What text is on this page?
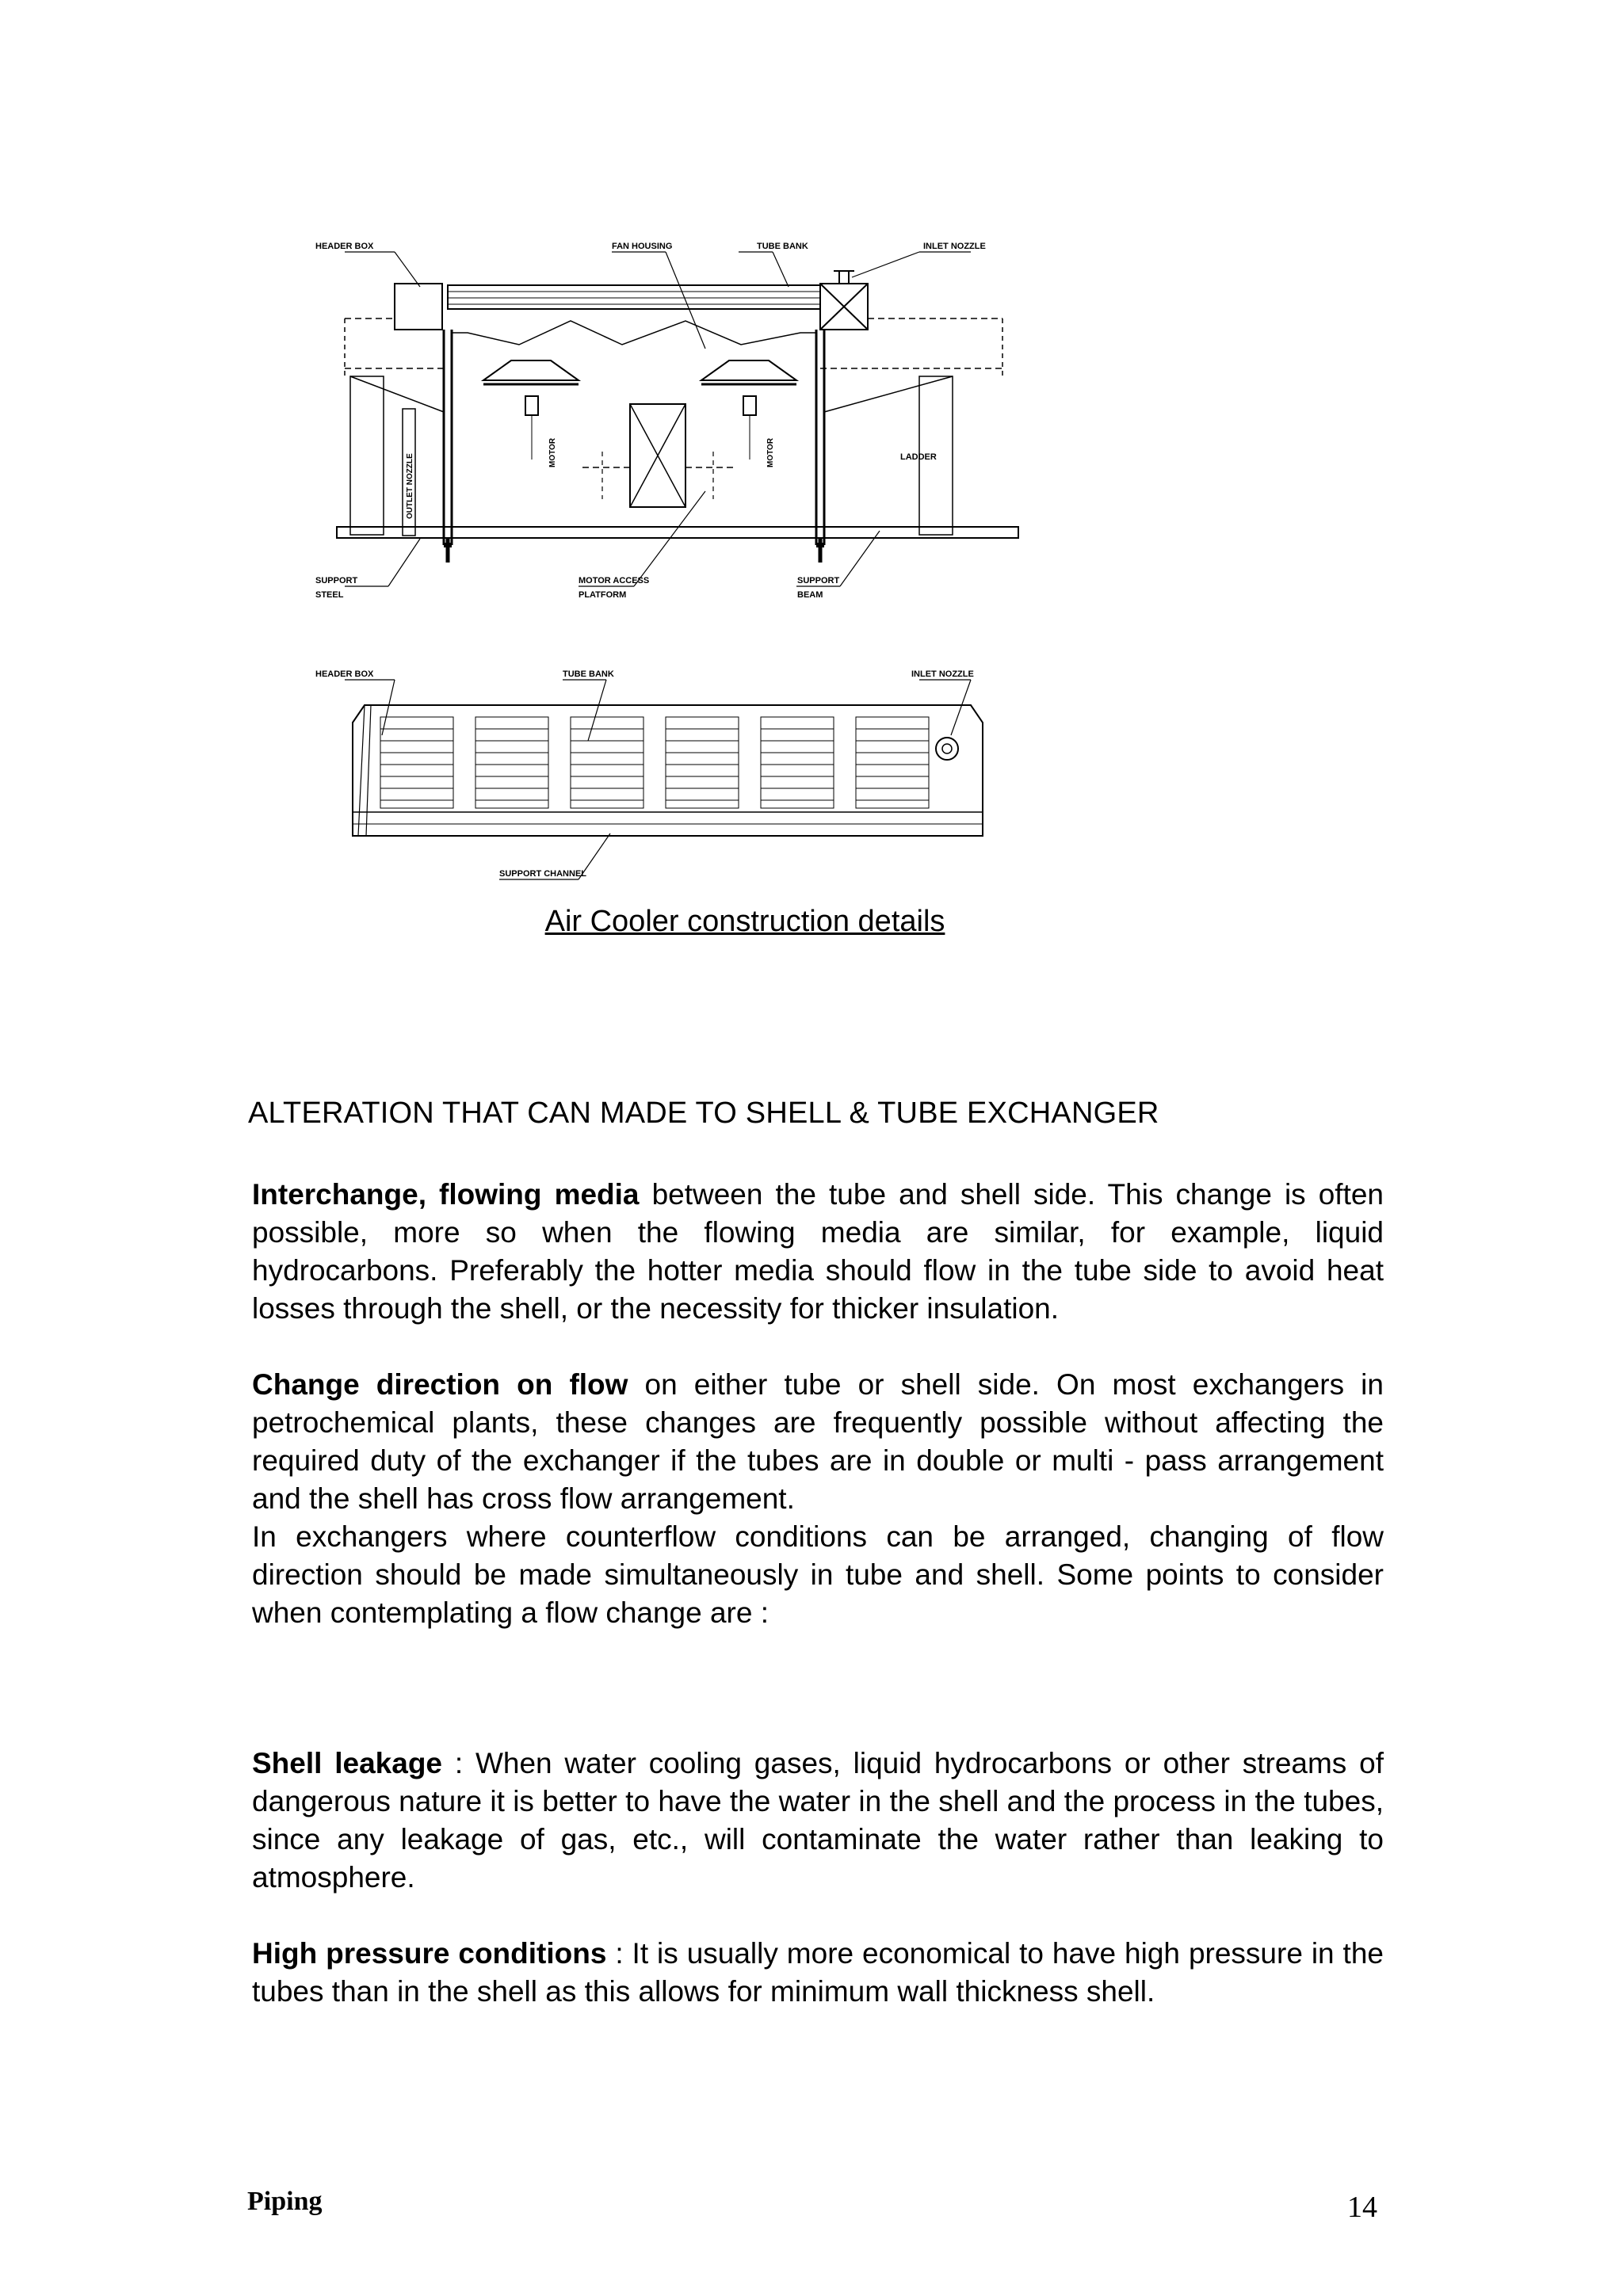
HEADER BOX	FAN HOUSING	TUBE BANK	INLET NOZZLE
OUTLET NOZZLE
MOTOR	MOTOR	LADDER
SUPPORT
STEEL
MOTOR ACCESS
PLATFORM
SUPPORT
BEAM
HEADER BOX	TUBE BANK	INLET NOZZLE
SUPPORT CHANNEL
Air Cooler construction details
ALTERATION THAT CAN MADE TO SHELL & TUBE EXCHANGER
Interchange, flowing media between the tube and shell side. This change is often possible, more so when the flowing media are similar, for example, liquid hydrocarbons. Preferably the hotter media should flow in the tube side to avoid heat losses through the shell, or the necessity for thicker insulation.
Change direction on flow on either tube or shell side. On most exchangers in petrochemical plants, these changes are frequently possible without affecting the required duty of the exchanger if the tubes are in double or multi - pass arrangement and the shell has cross flow arrangement.
In exchangers where counterflow conditions can be arranged, changing of flow direction should be made simultaneously in tube and shell. Some points to consider when contemplating a flow change are :
Shell leakage : When water cooling gases, liquid hydrocarbons or other streams of dangerous nature it is better to have the water in the shell and the process in the tubes, since any leakage of gas, etc., will contaminate the water rather than leaking to atmosphere.
High pressure conditions : It is usually more economical to have high pressure in the tubes than in the shell as this allows for minimum wall thickness shell.
Piping	14
